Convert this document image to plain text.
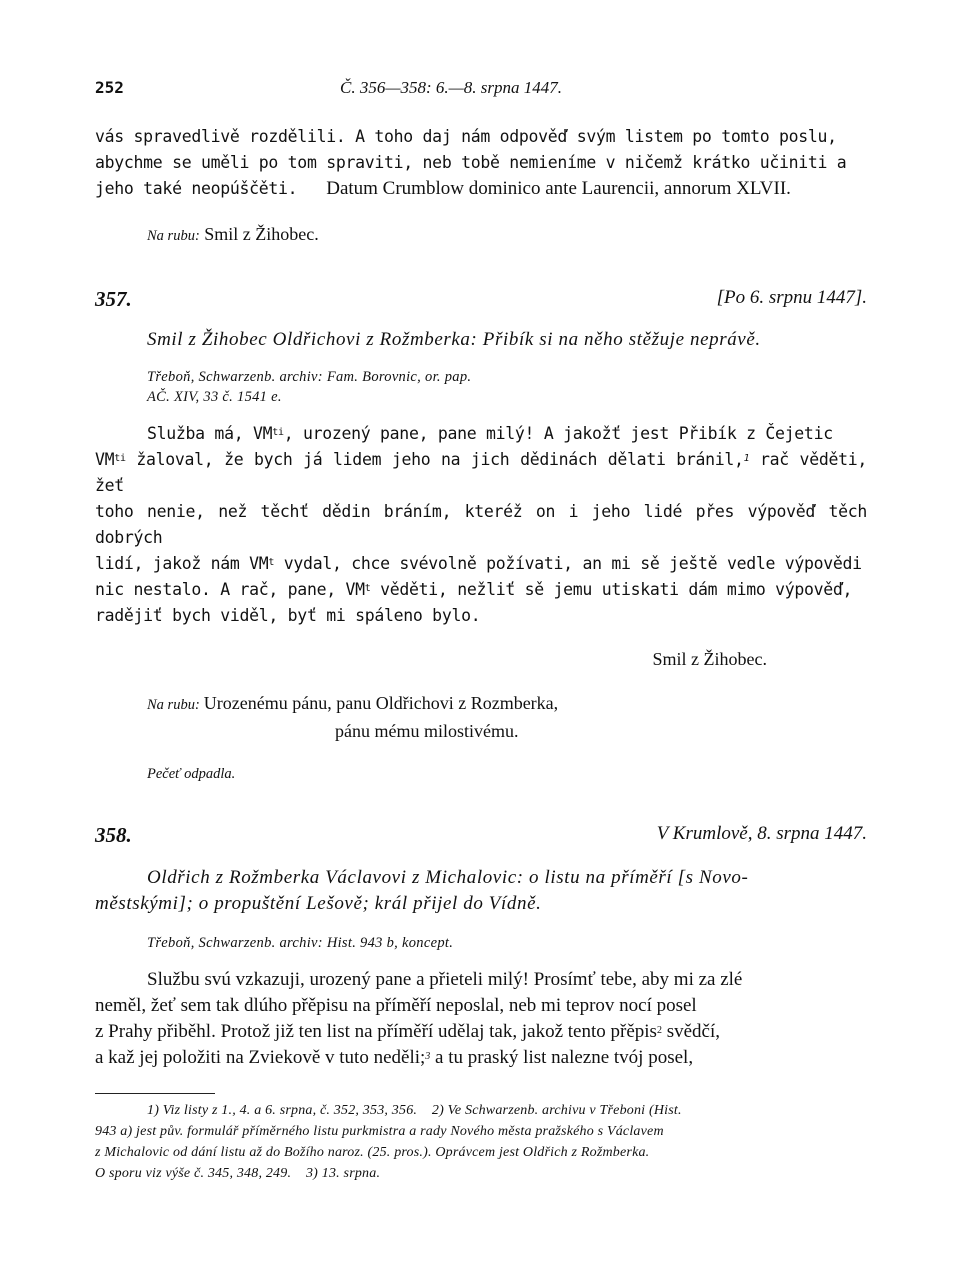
252	Č. 356—358: 6.—8. srpna 1447.
vás spravedlivě rozdělili. A toho daj nám odpověď svým listem po tomto poslu,
abychme se uměli po tom spraviti, neb tobě nemieníme v ničemž krátko učiniti a
jeho také neopúščěti. Datum Crumblow dominico ante Laurencii, annorum XLVII.
Na rubu: Smil z Žihobec.
357.	[Po 6. srpnu 1447].

Smil z Žihobec Oldřichovi z Rožmberka: Přibík si na něho stěžuje neprávě.

Třeboň, Schwarzenb. archiv: Fam. Borovnic, or. pap.
AČ. XIV, 33 č. 1541 e.
Služba má, $VM^{ti}$, urozený pane, pane milý! A jakožť jest Přibík z Čejetic
$VM^{ti}$ žaloval, že bych já lidem jeho na jich dědinách dělati bránil,$^1$ rač věděti, žeť
toho nenie, než těchť dědin bráním, kteréž on i jeho lidé přes výpověď těch dobrých
lidí, jakož nám $VM^t$ vydal, chce svévolně požívati, an mi sě ještě vedle výpovědi
nic nestalo. A rač, pane, $VM^t$ věděti, nežliť sě jemu utiskati dám mimo výpověď,
radějiť bych viděl, byť mi spáleno bylo.
Smil z Žihobec.
Na rubu: Urozenému pánu, panu Oldřichovi z Rozmberka,
pánu mému milostivému.
Pečeť odpadla.
358.	V Krumlově, 8. srpna 1447.
Oldřich z Rožmberka Václavovi z Michalovic: o listu na příměří [s Novo-
městskými]; o propuštění Lešově; král přijel do Vídně.
Třeboň, Schwarzenb. archiv: Hist. 943 b, koncept.
Službu svú vzkazuji, urozený pane a přieteli milý! Prosímť tebe, aby mi za zlé
neměl, žeť sem tak dlúho přěpisu na příměří neposlal, neb mi teprov nocí posel
z Prahy přiběhl. Protož již ten list na příměří udělaj tak, jakož tento přěpis$^2$ svědčí,
a kaž jej položiti na Zviekově v tuto neděli;$^3$ a tu praský list nalezne tvój posel,
1) Viz listy z 1., 4. a 6. srpna, č. 352, 353, 356. 2) Ve Schwarzenb. archivu v Třeboni (Hist.
943 a) jest pův. formulář příměrného listu purkmistra a rady Nového města pražského s Václavem
z Michalovic od dání listu až do Božího naroz. (25. pros.). Oprávcem jest Oldřich z Rožmberka.
O sporu viz výše č. 345, 348, 249. 3) 13. srpna.
